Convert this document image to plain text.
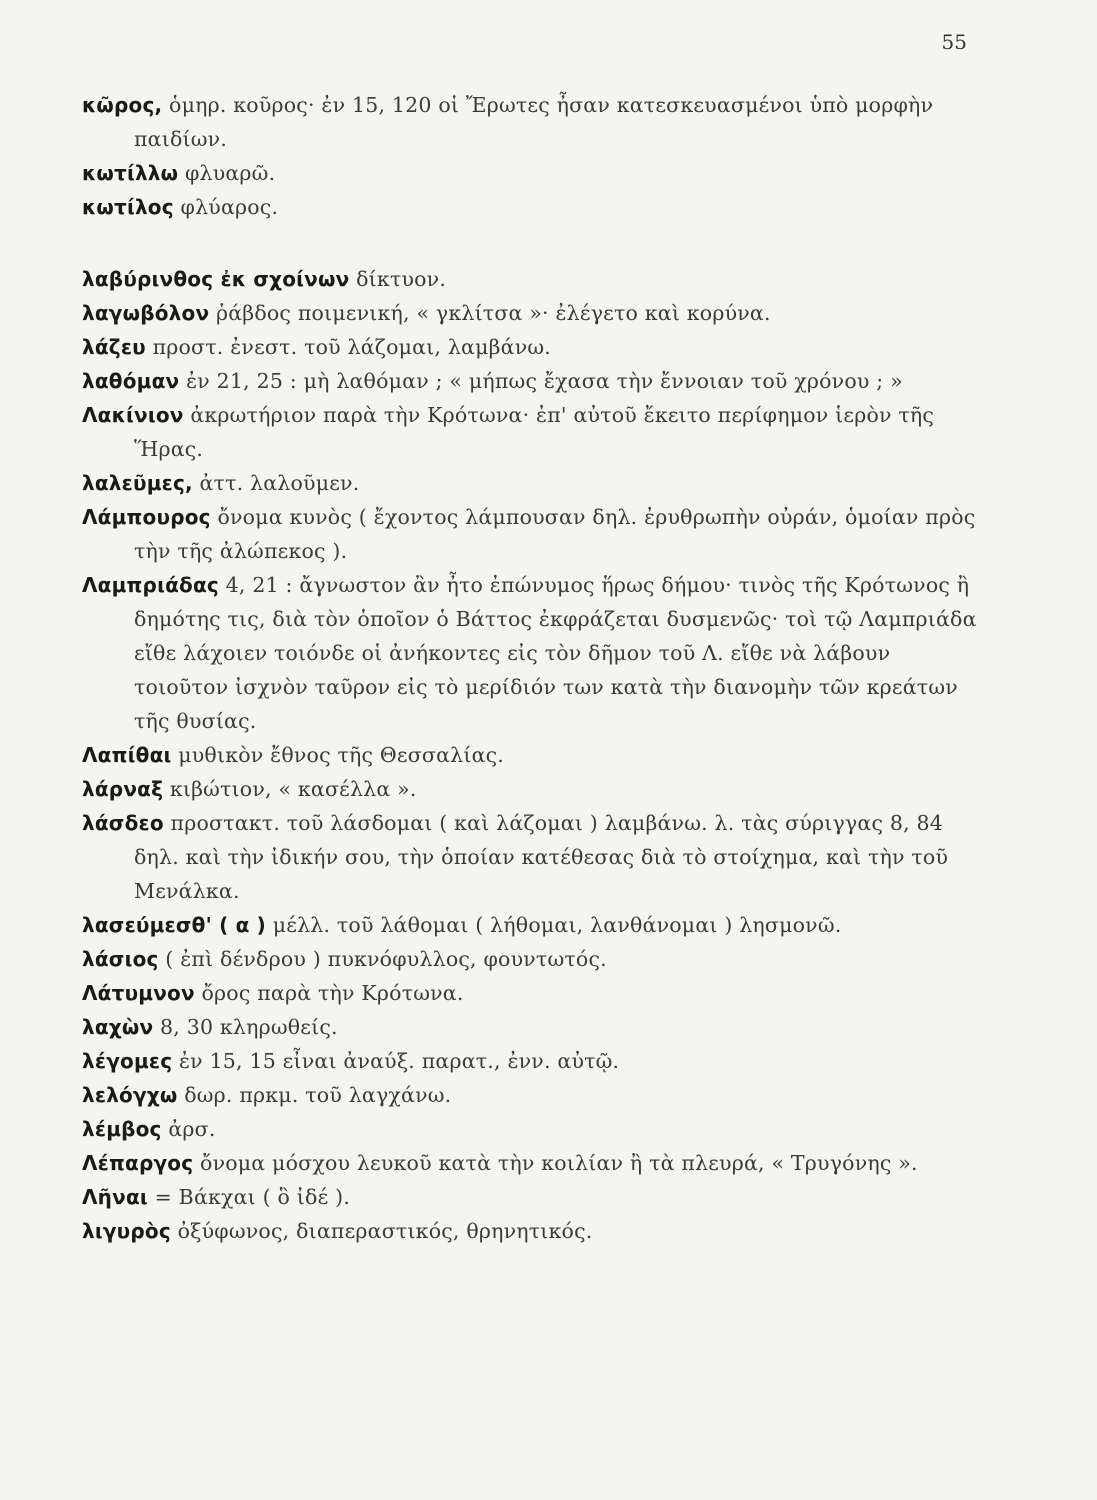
55

κῶρος, ὁμηρ. κοῦρος· ἐν 15, 120 οἱ Ἔρωτες ἦσαν κατεσκευασμένοι ὑπὸ μορφὴν παιδίων.

κωτίλλω φλυαρῶ.

κωτίλος φλύαρος.

λαβύρινθος ἐκ σχοίνων δίκτυον.

λαγωβόλον ῥάβδος ποιμενική, « γκλίτσα »· ἐλέγετο καὶ κορύνα.

λάζευ προστ. ἐνεστ. τοῦ λάζομαι, λαμβάνω.

λαθόμαν ἐν 21, 25 : μὴ λαθόμαν ; « μήπως ἔχασα τὴν ἔννοιαν τοῦ χρόνου ; »

Λακίνιον ἀκρωτήριον παρὰ τὴν Κρότωνα· ἐπ' αὐτοῦ ἔκειτο περίφημον ἱερὸν τῆς Ἥρας.

λαλεῦμες, ἀττ. λαλοῦμεν.

Λάμπουρος ὄνομα κυνὸς ( ἔχοντος λάμπουσαν δηλ. ἐρυθρωπὴν οὐράν, ὁμοίαν πρὸς τὴν τῆς ἀλώπεκος ).

Λαμπριάδας 4, 21 : ἄγνωστον ἂν ἦτο ἐπώνυμος ἥρως δήμου· τινὸς τῆς Κρότωνος ἢ δημότης τις, διὰ τὸν ὁποῖον ὁ Βάττος ἐκφράζεται δυσμενῶς· τοὶ τῷ Λαμπριάδα εἴθε λάχοιεν τοιόνδε οἱ ἀνήκοντες εἰς τὸν δῆμον τοῦ Λ. εἴθε νὰ λάβουν τοιοῦτον ἰσχνὸν ταῦρον εἰς τὸ μερίδιόν των κατὰ τὴν διανομὴν τῶν κρεάτων τῆς θυσίας.

Λαπίθαι μυθικὸν ἔθνος τῆς Θεσσαλίας.

λάρναξ κιβώτιον, « κασέλλα ».

λάσδεο προστακτ. τοῦ λάσδομαι ( καὶ λάζομαι ) λαμβάνω. λ. τὰς σύριγγας 8, 84 δηλ. καὶ τὴν ἰδικήν σου, τὴν ὁποίαν κατέθεσας διὰ τὸ στοίχημα, καὶ τὴν τοῦ Μενάλκα.

λασεύμεσθ' ( α ) μέλλ. τοῦ λάθομαι ( λήθομαι, λανθάνομαι ) λησμονῶ.

λάσιος ( ἐπὶ δένδρου ) πυκνόφυλλος, φουντωτός.

Λάτυμνον ὄρος παρὰ τὴν Κρότωνα.

λαχὼν 8, 30 κληρωθείς.

λέγομες ἐν 15, 15 εἶναι ἀναύξ. παρατ., ἐνν. αὐτῷ.

λελόγχω δωρ. πρκμ. τοῦ λαγχάνω.

λέμβος ἀρσ.

Λέπαργος ὄνομα μόσχου λευκοῦ κατὰ τὴν κοιλίαν ἢ τὰ πλευρά, « Τρυγόνης ».

Λῆναι = Βάκχαι ( ὃ ἰδέ ).

λιγυρὸς ὀξύφωνος, διαπεραστικός, θρηνητικός.
